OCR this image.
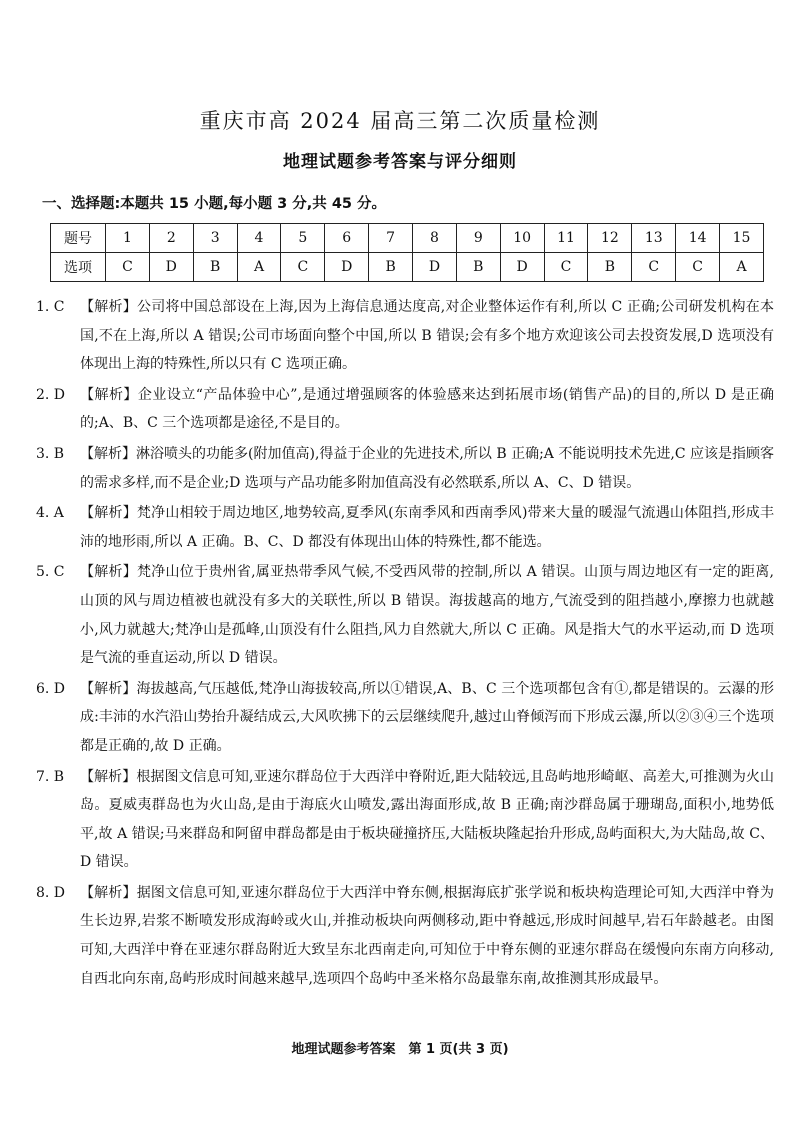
重庆市高 2024 届高三第二次质量检测
地理试题参考答案与评分细则
一、选择题:本题共 15 小题,每小题 3 分,共 45 分。
题号	1	2	3	4	5	6	7	8	9	10	11	12	13	14	15
选项	C	D	B	A	C	D	B	D	B	D	C	B	C	C	A
1. C	【解析】公司将中国总部设在上海,因为上海信息通达度高,对企业整体运作有利,所以 C 正确;公司研发机构在本国,不在上海,所以 A 错误;公司市场面向整个中国,所以 B 错误;会有多个地方欢迎该公司去投资发展,D 选项没有体现出上海的特殊性,所以只有 C 选项正确。
2. D	【解析】企业设立“产品体验中心”,是通过增强顾客的体验感来达到拓展市场(销售产品)的目的,所以 D 是正确的;A、B、C 三个选项都是途径,不是目的。
3. B	【解析】淋浴喷头的功能多(附加值高),得益于企业的先进技术,所以 B 正确;A 不能说明技术先进,C 应该是指顾客的需求多样,而不是企业;D 选项与产品功能多附加值高没有必然联系,所以 A、C、D 错误。
4. A	【解析】梵净山相较于周边地区,地势较高,夏季风(东南季风和西南季风)带来大量的暖湿气流遇山体阻挡,形成丰沛的地形雨,所以 A 正确。B、C、D 都没有体现出山体的特殊性,都不能选。
5. C	【解析】梵净山位于贵州省,属亚热带季风气候,不受西风带的控制,所以 A 错误。山顶与周边地区有一定的距离,山顶的风与周边植被也就没有多大的关联性,所以 B 错误。海拔越高的地方,气流受到的阻挡越小,摩擦力也就越小,风力就越大;梵净山是孤峰,山顶没有什么阻挡,风力自然就大,所以 C 正确。风是指大气的水平运动,而 D 选项是气流的垂直运动,所以 D 错误。
6. D	【解析】海拔越高,气压越低,梵净山海拔较高,所以①错误,A、B、C 三个选项都包含有①,都是错误的。云瀑的形成:丰沛的水汽沿山势抬升凝结成云,大风吹拂下的云层继续爬升,越过山脊倾泻而下形成云瀑,所以②③④三个选项都是正确的,故 D 正确。
7. B	【解析】根据图文信息可知,亚速尔群岛位于大西洋中脊附近,距大陆较远,且岛屿地形崎岖、高差大,可推测为火山岛。夏威夷群岛也为火山岛,是由于海底火山喷发,露出海面形成,故 B 正确;南沙群岛属于珊瑚岛,面积小,地势低平,故 A 错误;马来群岛和阿留申群岛都是由于板块碰撞挤压,大陆板块隆起抬升形成,岛屿面积大,为大陆岛,故 C、D 错误。
8. D	【解析】据图文信息可知,亚速尔群岛位于大西洋中脊东侧,根据海底扩张学说和板块构造理论可知,大西洋中脊为生长边界,岩浆不断喷发形成海岭或火山,并推动板块向两侧移动,距中脊越远,形成时间越早,岩石年龄越老。由图可知,大西洋中脊在亚速尔群岛附近大致呈东北西南走向,可知位于中脊东侧的亚速尔群岛在缓慢向东南方向移动,自西北向东南,岛屿形成时间越来越早,选项四个岛屿中圣米格尔岛最靠东南,故推测其形成最早。
地理试题参考答案　第 1 页(共 3 页)
